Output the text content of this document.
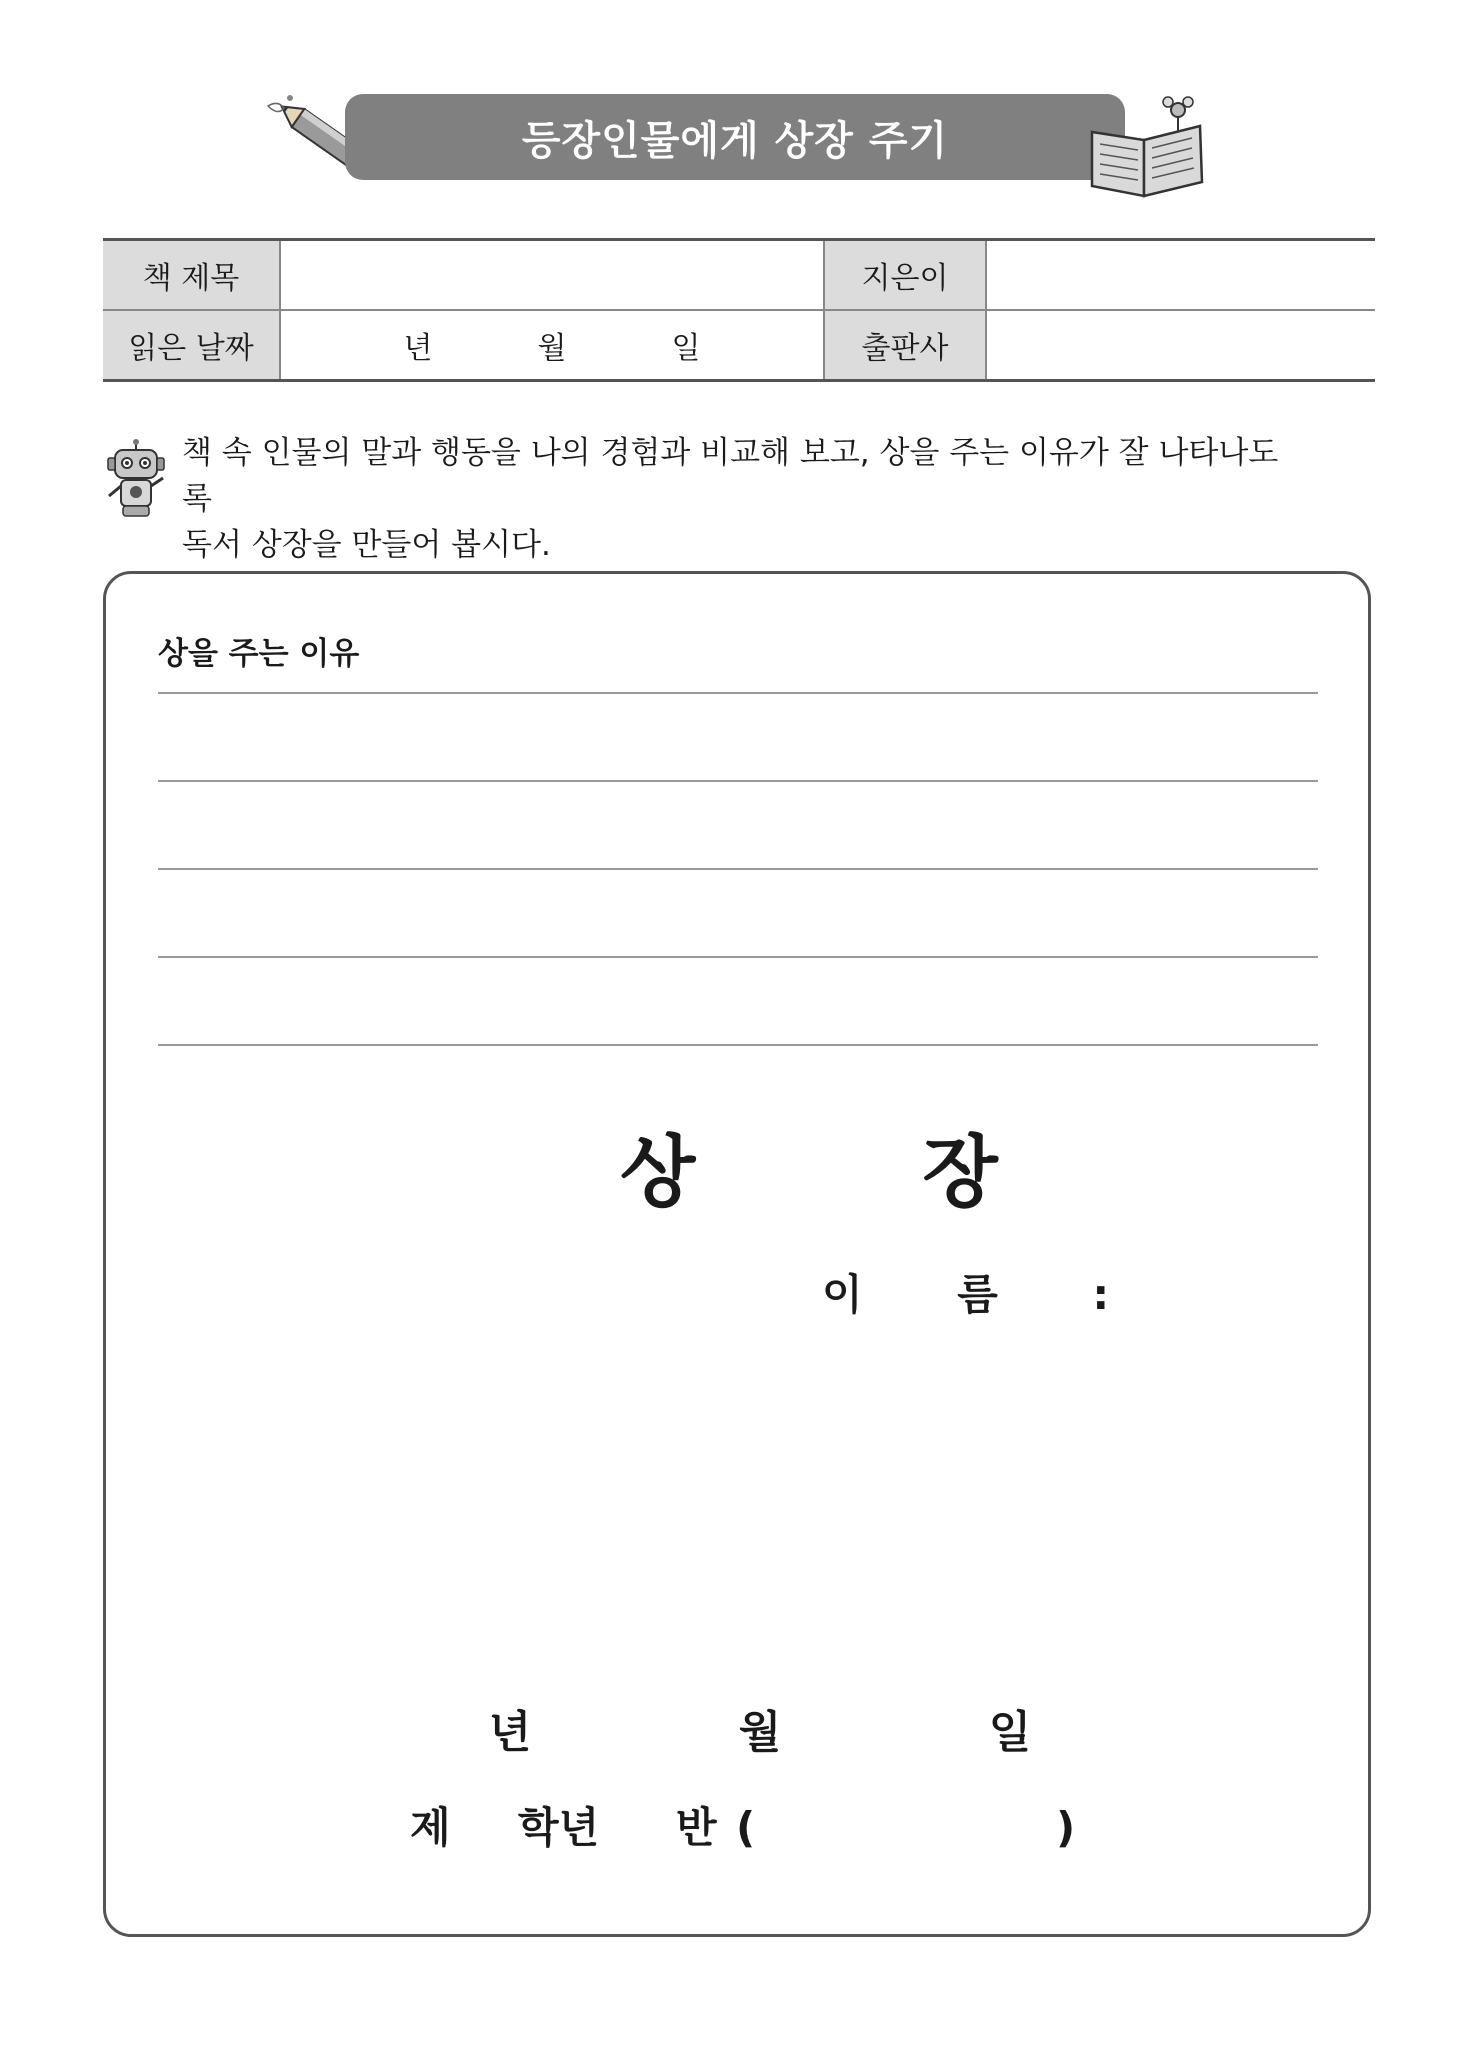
등장인물에게 상장 주기
책 제목		지은이	
읽은 날짜	년 월 일	출판사	
책 속 인물의 말과 행동을 나의 경험과 비교해 보고, 상을 주는 이유가 잘 나타나도록
독서 상장을 만들어 봅시다.
상을 주는 이유
상 장
이 름 :
년	월	일
제 학년 반 (	)
